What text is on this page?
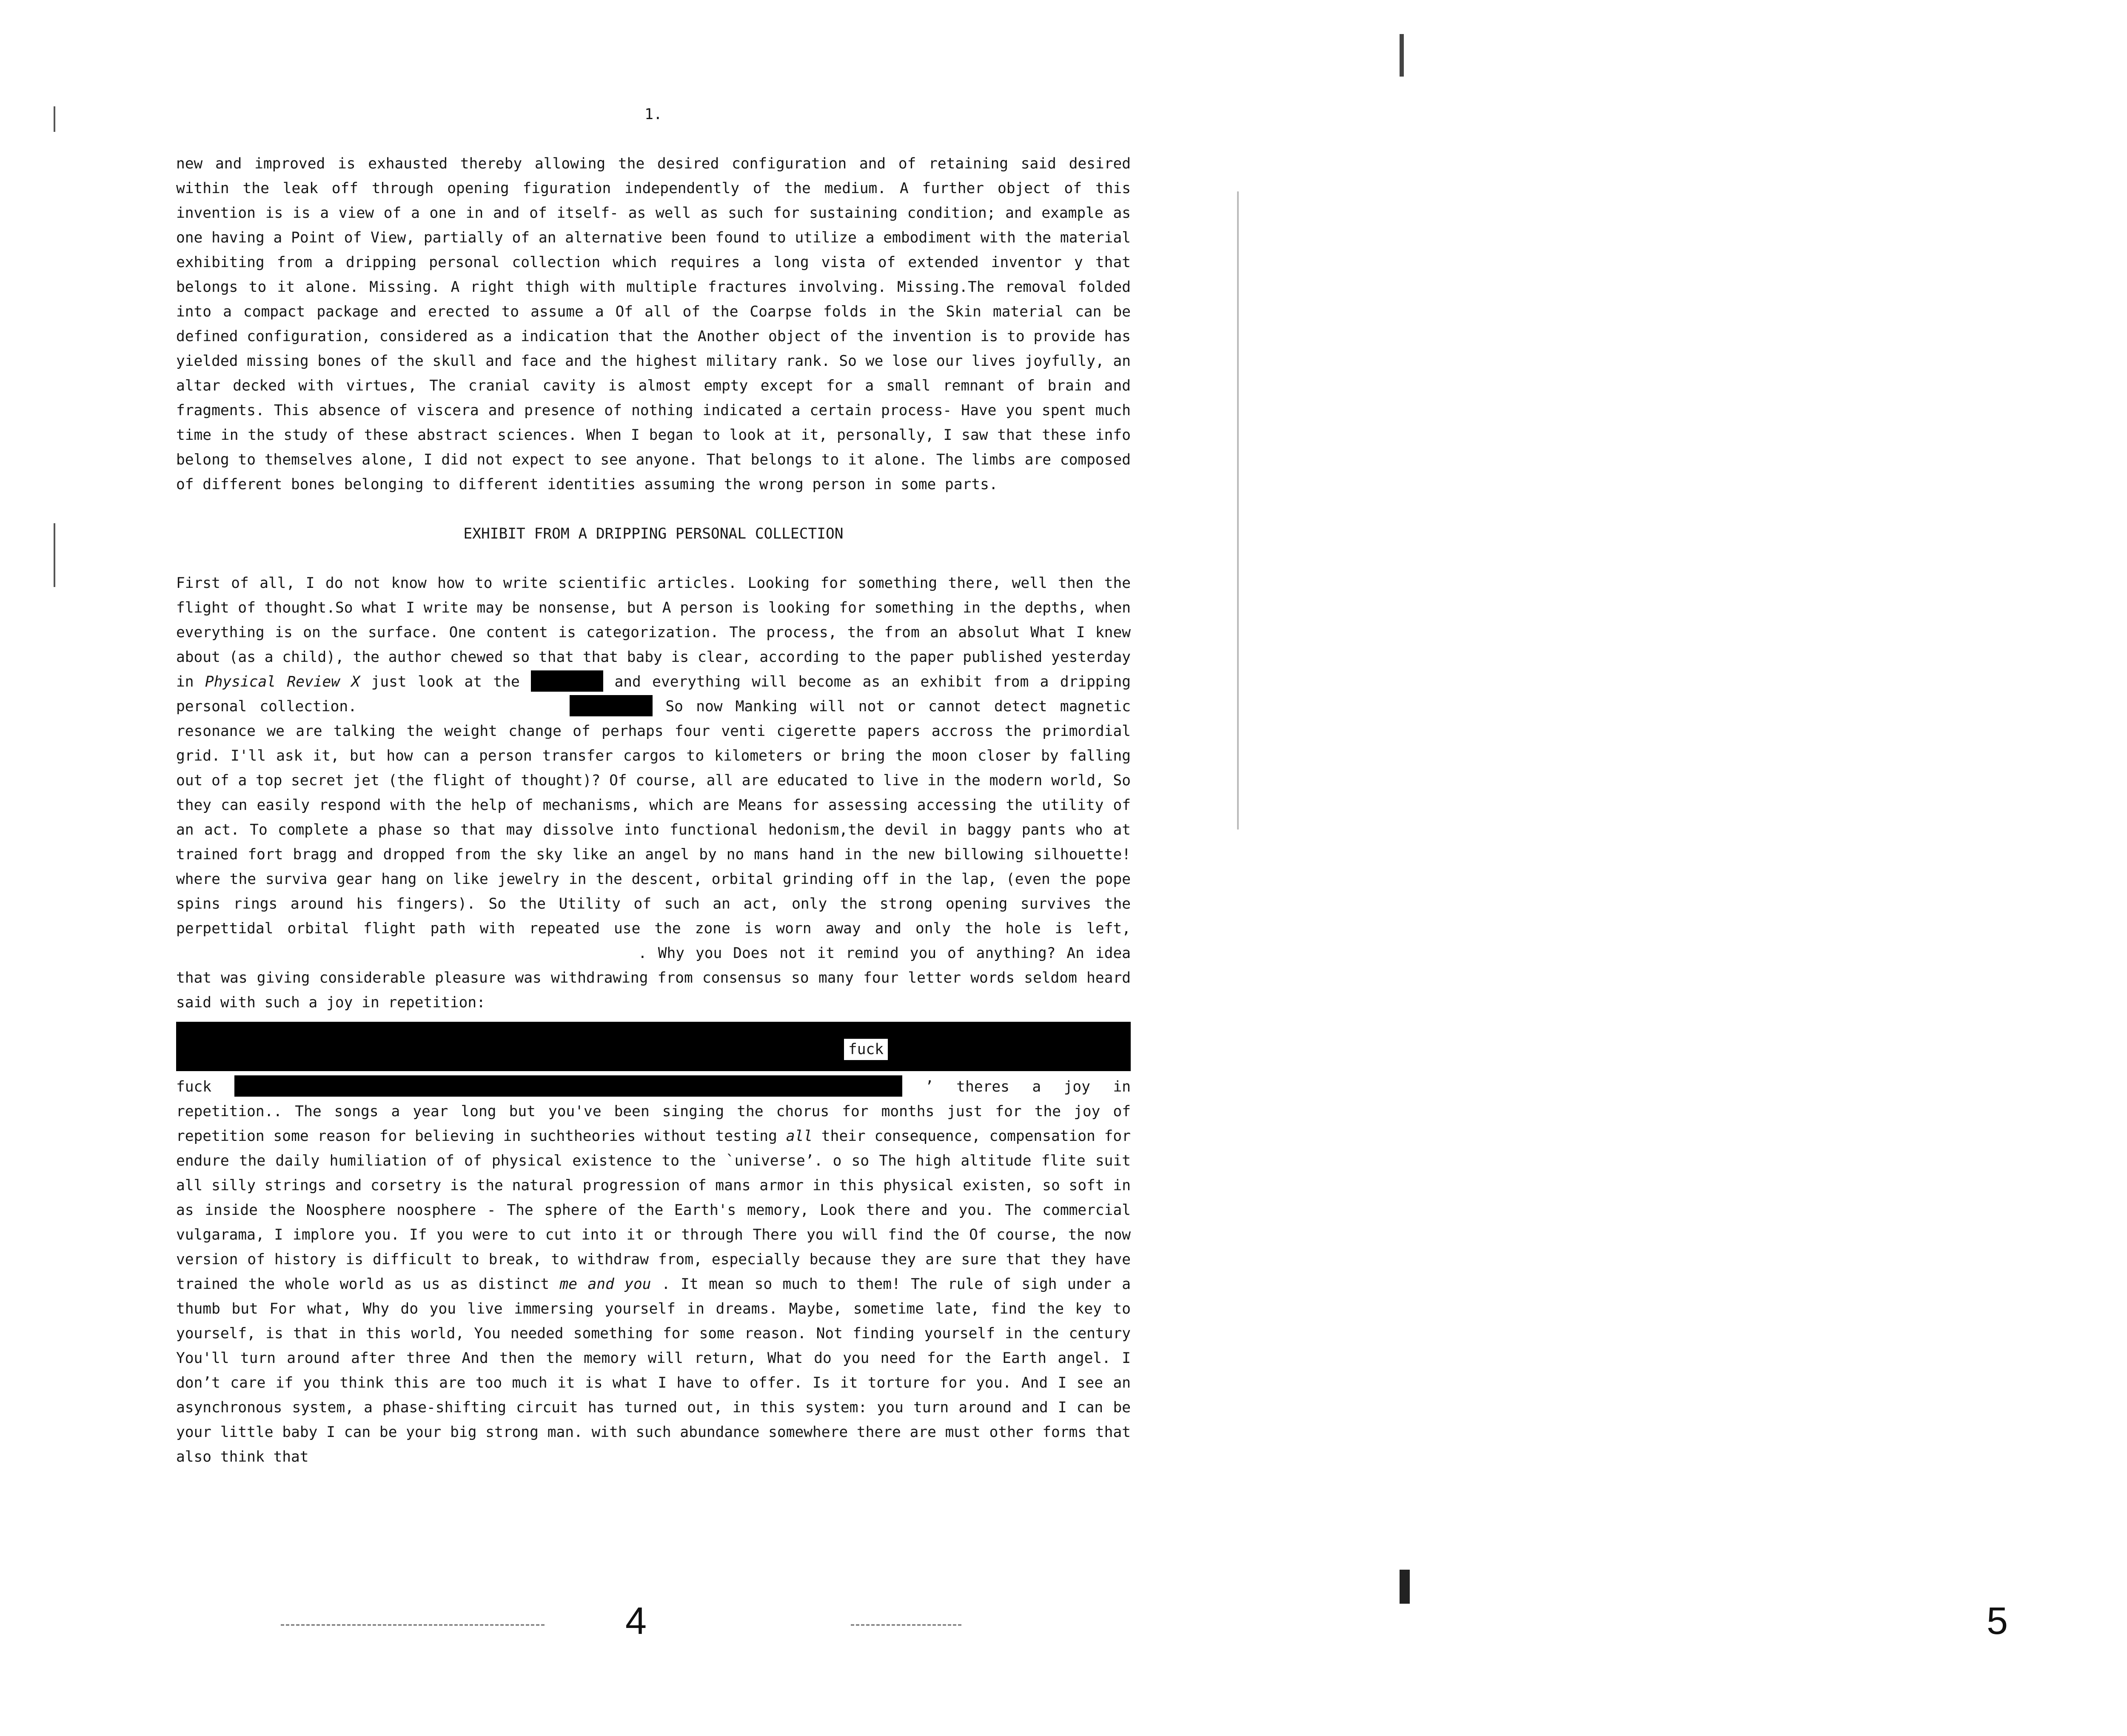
1.

new and improved is exhausted thereby allowing the desired configuration and of retaining said desired within the leak off through opening figuration independently of the medium. A further object of this invention is is a view of a one in and of itself- as well as such for sustaining condition; and example as one having a Point of View, partially of an alternative been found to utilize a embodiment with the material exhibiting from a dripping personal collection which requires a long vista of extended inventor y that belongs to it alone. Missing. A right thigh with multiple fractures involving. Missing.The removal folded into a compact package and erected to assume a Of all of the Coarpse folds in the Skin material can be defined configuration, considered as a indication that the Another object of the invention is to provide has yielded missing bones of the skull and face and the highest military rank. So we lose our lives joyfully, an altar decked with virtues, The cranial cavity is almost empty except for a small remnant of brain and fragments. This absence of viscera and presence of nothing indicated a certain process- Have you spent much time in the study of these abstract sciences. When I began to look at it, personally, I saw that these info belong to themselves alone, I did not expect to see anyone. That belongs to it alone. The limbs are composed of different bones belonging to different identities assuming the wrong person in some parts.

EXHIBIT FROM A DRIPPING PERSONAL COLLECTION

First of all, I do not know how to write scientific articles. Looking for something there, well then the flight of thought.So what I write may be nonsense, but A person is looking for something in the depths, when everything is on the surface. One content is categorization. The process, the from an absolut What I knew about (as a child), the author chewed so that that baby is clear, according to the paper published yesterday in Physical Review X just look at the	and everything will become as an exhibit from a dripping personal collection.	So now Manking will not or cannot detect magnetic resonance we are talking the weight change of perhaps four venti cigerette papers accross the primordial grid. I'll ask it, but how can a person transfer cargos to kilometers or bring the moon closer by falling out of a top secret jet (the flight of thought)? Of course, all are educated to live in the modern world, So they can easily respond with the help of mechanisms, which are Means for assessing accessing the utility of an act. To complete a phase so that may dissolve into functional hedonism,the devil in baggy pants who at trained fort bragg and dropped from the sky like an angel by no mans hand in the new billowing silhouette! where the surviva gear hang on like jewelry in the descent, orbital grinding off in the lap, (even the pope spins rings around his fingers). So the Utility of such an act, only the strong opening survives the perpettidal orbital flight path with repeated use the zone is worn away and only the hole is left,  . Why you Does not it remind you of anything? An idea that was giving considerable pleasure was withdrawing from consensus so many four letter words seldom heard said with such a joy in repetition:

fuck

fuck	’ theres a joy in repetition.. The songs a year long but you've been singing the chorus for months just for the joy of repetition some reason for believing in suchtheories without testing all their consequence, compensation for endure the daily humiliation of of physical existence to the `universe’. o so The high altitude flite suit all silly strings and corsetry is the natural progression of mans armor in this physical existen, so soft in as inside the Noosphere noosphere - The sphere of the Earth's memory, Look there and you. The commercial vulgarama, I implore you. If you were to cut into it or through There you will find the Of course, the now version of history is difficult to break, to withdraw from, especially because they are sure that they have trained the whole world as us as distinct me and you . It mean so much to them! The rule of sigh under a thumb but For what, Why do you live immersing yourself in dreams. Maybe, sometime late, find the key to yourself, is that in this world, You needed something for some reason. Not finding yourself in the century You'll turn around after three And then the memory will return, What do you need for the Earth angel. I don’t care if you think this are too much it is what I have to offer. Is it torture for you. And I see an asynchronous system, a phase-shifting circuit has turned out, in this system: you turn around and I can be your little baby I can be your big strong man. with such abundance somewhere there are must other forms that also think that

4

	5
